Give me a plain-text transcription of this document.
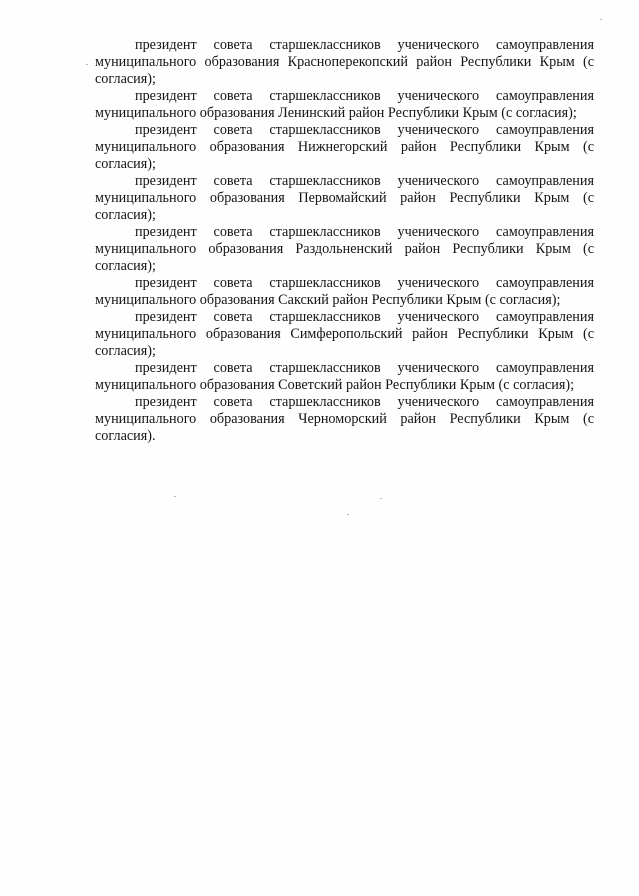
президент совета старшеклассников ученического самоуправления муниципального образования Красноперекопский район Республики Крым (с согласия);

президент совета старшеклассников ученического самоуправления муниципального образования Ленинский район Республики Крым (с согласия);

президент совета старшеклассников ученического самоуправления муниципального образования Нижнегорский район Республики Крым (с согласия);

президент совета старшеклассников ученического самоуправления муниципального образования Первомайский район Республики Крым (с согласия);

президент совета старшеклассников ученического самоуправления муниципального образования Раздольненский район Республики Крым (с согласия);

президент совета старшеклассников ученического самоуправления муниципального образования Сакский район Республики Крым (с согласия);

президент совета старшеклассников ученического самоуправления муниципального образования Симферопольский район Республики Крым (с согласия);

президент совета старшеклассников ученического самоуправления муниципального образования Советский район Республики Крым (с согласия);

президент совета старшеклассников ученического самоуправления муниципального образования Черноморский район Республики Крым (с согласия).
